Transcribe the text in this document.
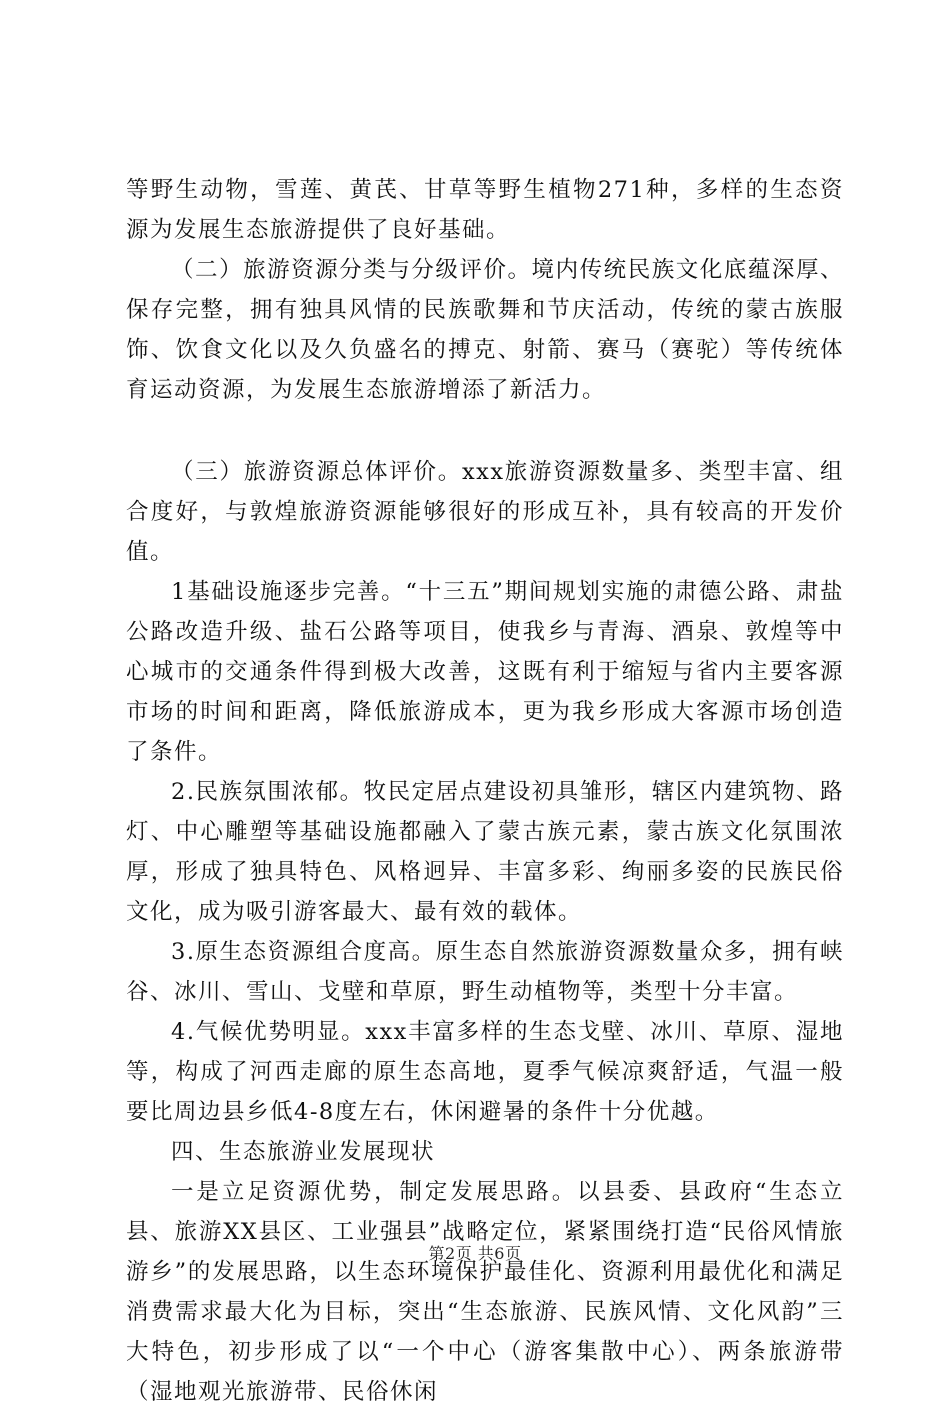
等野生动物，雪莲、黄芪、甘草等野生植物271种，多样的生态资源为发展生态旅游提供了良好基础。

（二）旅游资源分类与分级评价。境内传统民族文化底蕴深厚、保存完整，拥有独具风情的民族歌舞和节庆活动，传统的蒙古族服饰、饮食文化以及久负盛名的搏克、射箭、赛马（赛驼）等传统体育运动资源，为发展生态旅游增添了新活力。

（三）旅游资源总体评价。xxx旅游资源数量多、类型丰富、组合度好，与敦煌旅游资源能够很好的形成互补，具有较高的开发价值。

1基础设施逐步完善。“十三五”期间规划实施的肃德公路、肃盐公路改造升级、盐石公路等项目，使我乡与青海、酒泉、敦煌等中心城市的交通条件得到极大改善，这既有利于缩短与省内主要客源市场的时间和距离，降低旅游成本，更为我乡形成大客源市场创造了条件。

2.民族氛围浓郁。牧民定居点建设初具雏形，辖区内建筑物、路灯、中心雕塑等基础设施都融入了蒙古族元素，蒙古族文化氛围浓厚，形成了独具特色、风格迥异、丰富多彩、绚丽多姿的民族民俗文化，成为吸引游客最大、最有效的载体。

3.原生态资源组合度高。原生态自然旅游资源数量众多，拥有峡谷、冰川、雪山、戈壁和草原，野生动植物等，类型十分丰富。

4.气候优势明显。xxx丰富多样的生态戈壁、冰川、草原、湿地等，构成了河西走廊的原生态高地，夏季气候凉爽舒适，气温一般要比周边县乡低4-8度左右，休闲避暑的条件十分优越。

四、生态旅游业发展现状

一是立足资源优势，制定发展思路。以县委、县政府“生态立县、旅游XX县区、工业强县”战略定位，紧紧围绕打造“民俗风情旅游乡”的发展思路，以生态环境保护最佳化、资源利用最优化和满足消费需求最大化为目标，突出“生态旅游、民族风情、文化风韵”三大特色，初步形成了以“一个中心（游客集散中心）、两条旅游带（湿地观光旅游带、民俗休闲

第2页 共6页
